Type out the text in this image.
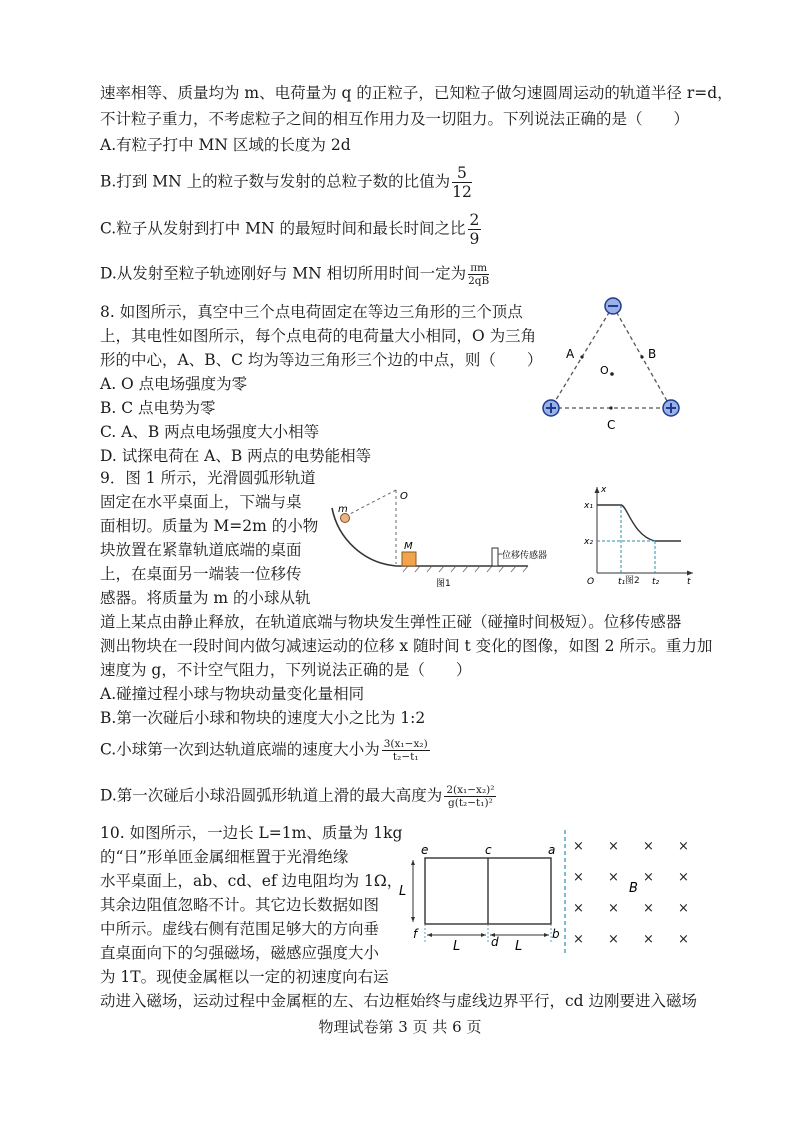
速率相等、质量均为 m、电荷量为 q 的正粒子，已知粒子做匀速圆周运动的轨道半径 r=d，
不计粒子重力，不考虑粒子之间的相互作用力及一切阻力。下列说法正确的是（　　）
A.有粒子打中 MN 区域的长度为 2d
B.打到 MN 上的粒子数与发射的总粒子数的比值为 $\frac{5}{12}$
C.粒子从发射到打中 MN 的最短时间和最长时间之比 $\frac{2}{9}$
D.从发射至粒子轨迹刚好与 MN 相切所用时间一定为 $\frac{\pi m}{2qB}$
8. 如图所示，真空中三个点电荷固定在等边三角形的三个顶点
上，其电性如图所示，每个点电荷的电荷量大小相同，O 为三角
形的中心，A、B、C 均为等边三角形三个边的中点，则（　　）
A. O 点电场强度为零
B. C 点电势为零
C. A、B 两点电场强度大小相等
D. 试探电荷在 A、B 两点的电势能相等
A	B
O
C
9．图 1 所示，光滑圆弧形轨道
固定在水平桌面上，下端与桌
面相切。质量为 M=2m 的小物
块放置在紧靠轨道底端的桌面
上，在桌面另一端装一位移传
感器。将质量为 m 的小球从轨
道上某点由静止释放，在轨道底端与物块发生弹性正碰（碰撞时间极短）。位移传感器
测出物块在一段时间内做匀减速运动的位移 x 随时间 t 变化的图像，如图 2 所示。重力加
速度为 g，不计空气阻力，下列说法正确的是（　　）
A.碰撞过程小球与物块动量变化量相同
B.第一次碰后小球和物块的速度大小之比为 1:2
C.小球第一次到达轨道底端的速度大小为 $\frac{\text{3(x₁−x₂)}}{\text{t₂−t₁}}$
D.第一次碰后小球沿圆弧形轨道上滑的最大高度为 $\frac{\text{2(x₁−x₂)²}}{\text{g(t₂−t₁)²}}$
O
m
M
位移传感器
图1
x
x₁
x₂
O	t₁	t₂	t
图2
10. 如图所示，一边长 L=1m、质量为 1kg
的“日”形单匝金属细框置于光滑绝缘
水平桌面上，ab、cd、ef 边电阻均为 1Ω，
其余边阻值忽略不计。其它边长数据如图
中所示。虚线右侧有范围足够大的方向垂
直桌面向下的匀强磁场，磁感应强度大小
为 1T。现使金属框以一定的初速度向右运
动进入磁场，运动过程中金属框的左、右边框始终与虚线边界平行，cd 边刚要进入磁场
e	c	a
f
d
b
L
L	L
B
× × × ×
× × × ×
× × × ×
× × × ×
物理试卷第 3 页 共 6 页
